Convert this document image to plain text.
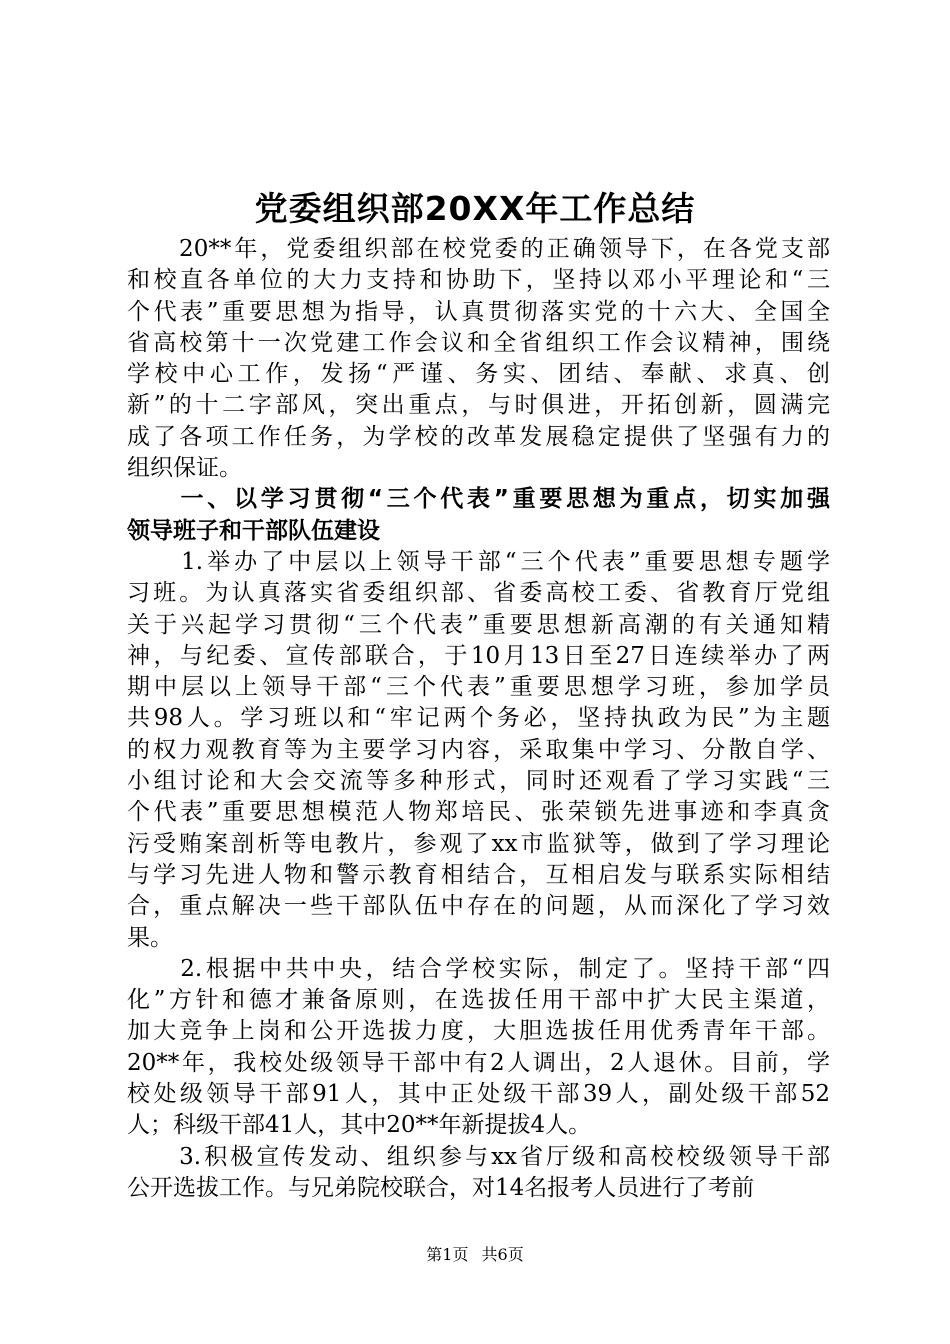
党委组织部20XX年工作总结
　　20**年，党委组织部在校党委的正确领导下，在各党支部
和校直各单位的大力支持和协助下，坚持以邓小平理论和“三
个代表”重要思想为指导，认真贯彻落实党的十六大、全国全
省高校第十一次党建工作会议和全省组织工作会议精神，围绕
学校中心工作，发扬“严谨、务实、团结、奉献、求真、创
新”的十二字部风，突出重点，与时俱进，开拓创新，圆满完
成了各项工作任务，为学校的改革发展稳定提供了坚强有力的
组织保证。
　　一、以学习贯彻“三个代表”重要思想为重点，切实加强
领导班子和干部队伍建设
　　1.举办了中层以上领导干部“三个代表”重要思想专题学
习班。为认真落实省委组织部、省委高校工委、省教育厅党组
关于兴起学习贯彻“三个代表”重要思想新高潮的有关通知精
神，与纪委、宣传部联合，于10月13日至27日连续举办了两
期中层以上领导干部“三个代表”重要思想学习班，参加学员
共98人。学习班以和“牢记两个务必，坚持执政为民”为主题
的权力观教育等为主要学习内容，采取集中学习、分散自学、
小组讨论和大会交流等多种形式，同时还观看了学习实践“三
个代表”重要思想模范人物郑培民、张荣锁先进事迹和李真贪
污受贿案剖析等电教片，参观了xx市监狱等，做到了学习理论
与学习先进人物和警示教育相结合，互相启发与联系实际相结
合，重点解决一些干部队伍中存在的问题，从而深化了学习效
果。
　　2.根据中共中央，结合学校实际，制定了。坚持干部“四
化”方针和德才兼备原则，在选拔任用干部中扩大民主渠道，
加大竞争上岗和公开选拔力度，大胆选拔任用优秀青年干部。
20**年，我校处级领导干部中有2人调出，2人退休。目前，学
校处级领导干部91人，其中正处级干部39人，副处级干部52
人；科级干部41人，其中20**年新提拔4人。
　　3.积极宣传发动、组织参与xx省厅级和高校校级领导干部
公开选拔工作。与兄弟院校联合，对14名报考人员进行了考前
第1页 共6页
